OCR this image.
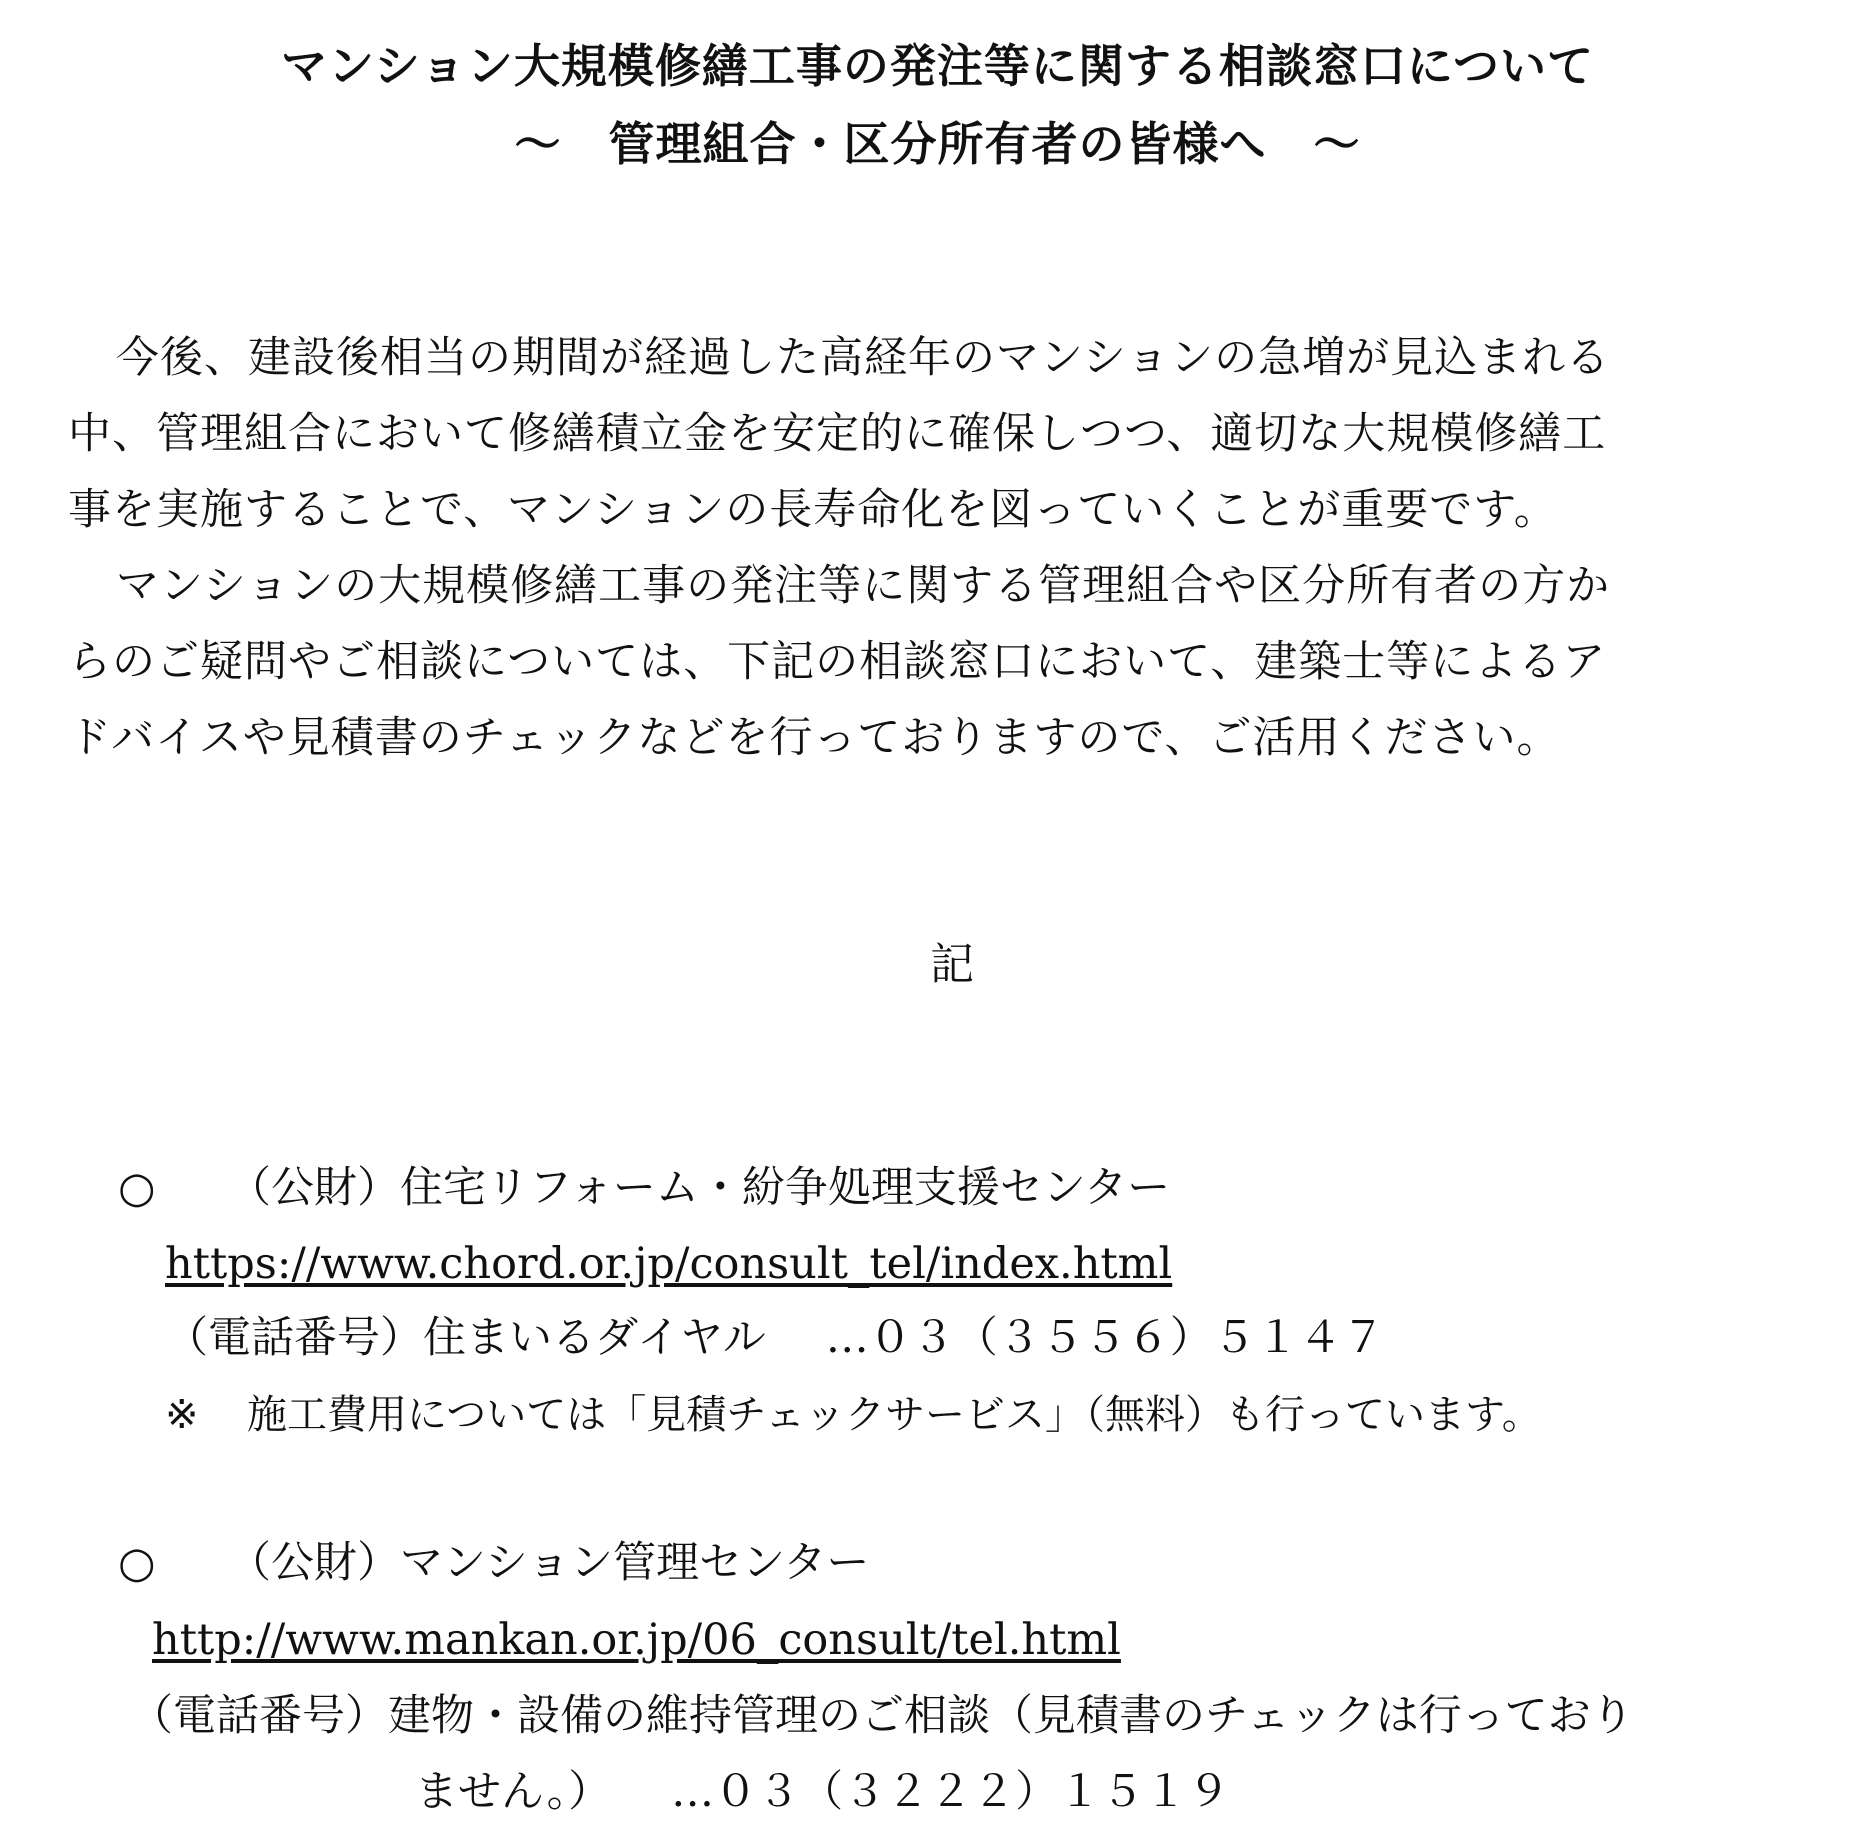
マンション大規模修繕工事の発注等に関する相談窓口について
～　管理組合・区分所有者の皆様へ　～
今後、建設後相当の期間が経過した高経年のマンションの急増が見込まれる
中、管理組合において修繕積立金を安定的に確保しつつ、適切な大規模修繕工
事を実施することで、マンションの長寿命化を図っていくことが重要です。
マンションの大規模修繕工事の発注等に関する管理組合や区分所有者の方か
らのご疑問やご相談については、下記の相談窓口において、建築士等によるア
ドバイスや見積書のチェックなどを行っておりますので、ご活用ください。
記
○ （公財）住宅リフォーム・紛争処理支援センター
https://www.chord.or.jp/consult_tel/index.html
（電話番号）住まいるダイヤル …０３（３５５６）５１４７
※ 施工費用については「見積チェックサービス」（無料）も行っています。
○ （公財）マンション管理センター
http://www.mankan.or.jp/06_consult/tel.html
（電話番号）建物・設備の維持管理のご相談（見積書のチェックは行っており
ません。） …０３（３２２２）１５１９
